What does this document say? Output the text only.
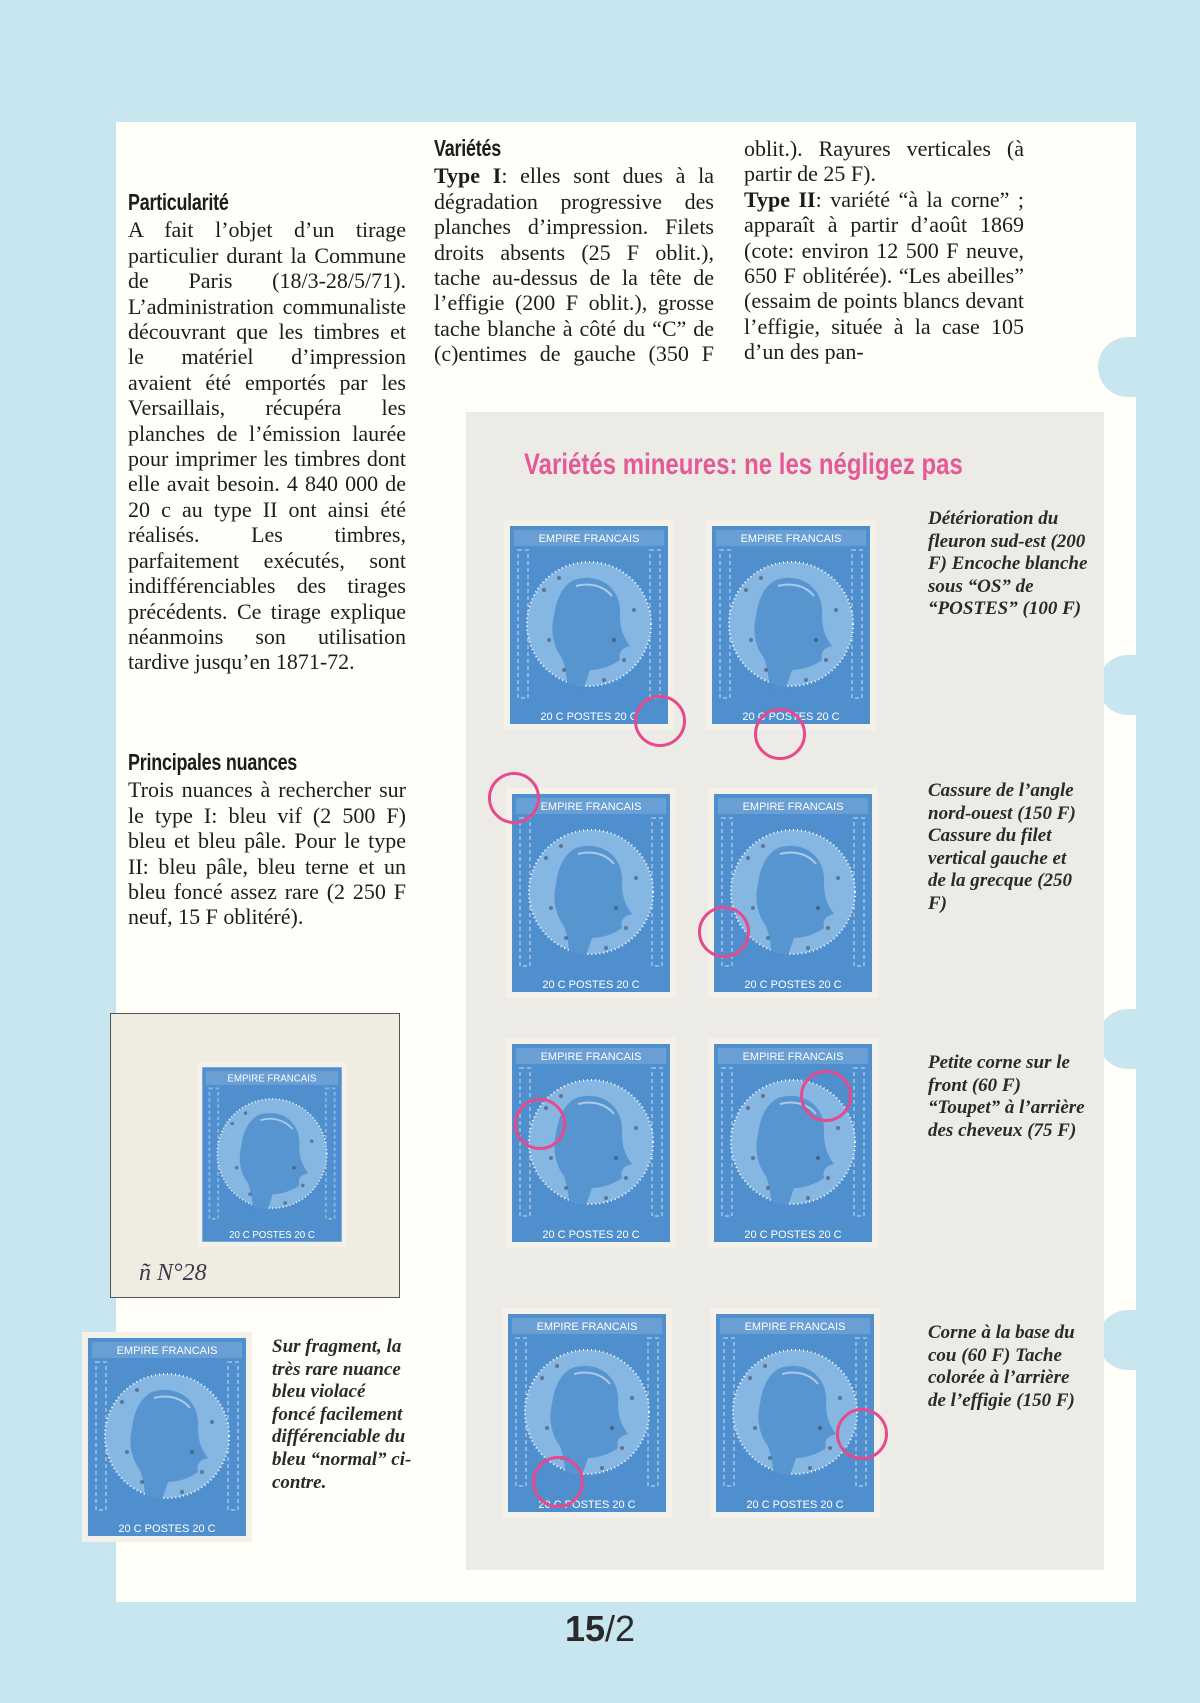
Particularité

A fait l’objet d’un tirage particulier durant la Commune de Paris (18/3-28/5/71). L’administration communaliste découvrant que les timbres et le matériel d’impression avaient été emportés par les Versaillais, récupéra les planches de l’émission laurée pour imprimer les timbres dont elle avait besoin. 4 840 000 de 20 c au type II ont ainsi été réalisés. Les timbres, parfaitement exécutés, sont indifférenciables des tirages précédents. Ce tirage explique néanmoins son utilisation tardive jusqu’en 1871-72.

Principales nuances

Trois nuances à rechercher sur le type I: bleu vif (2 500 F) bleu et bleu pâle. Pour le type II: bleu pâle, bleu terne et un bleu foncé assez rare (2 250 F neuf, 15 F oblitéré).

Variétés

Type I: elles sont dues à la dégradation progressive des planches d’impression. Filets droits absents (25 F oblit.), tache au-dessus de la tête de l’effigie (200 F oblit.), grosse tache blanche à côté du “C” de (c)entimes de gauche (350 F oblit.). Rayures verticales (à partir de 25 F).

Type II: variété “à la corne” ; apparaît à partir d’août 1869 (cote: environ 12 500 F neuve, 650 F oblitérée). “Les abeilles” (essaim de points blancs devant l’effigie, située à la case 105 d’un des pan-

Variétés mineures: ne les négligez pas
EMPIRE FRANCAIS
20 C POSTES 20 C
EMPIRE FRANCAIS
20 C POSTES 20 C
Détérioration du fleuron sud-est (200 F) Encoche blanche sous “OS” de “POSTES” (100 F)
EMPIRE FRANCAIS
20 C POSTES 20 C
EMPIRE FRANCAIS
20 C POSTES 20 C
Cassure de l’angle nord-ouest (150 F) Cassure du filet vertical gauche et de la grecque (250 F)
EMPIRE FRANCAIS
20 C POSTES 20 C
EMPIRE FRANCAIS
20 C POSTES 20 C
Petite corne sur le front (60 F) “Toupet” à l’arrière des cheveux (75 F)
EMPIRE FRANCAIS
20 C POSTES 20 C
EMPIRE FRANCAIS
20 C POSTES 20 C
Corne à la base du cou (60 F) Tache colorée à l’arrière de l’effigie (150 F)
EMPIRE FRANCAIS
20 C POSTES 20 C
ñ N°28
EMPIRE FRANCAIS
20 C POSTES 20 C
Sur fragment, la très rare nuance bleu violacé foncé facilement différenciable du bleu “normal” ci-contre.
15/2
